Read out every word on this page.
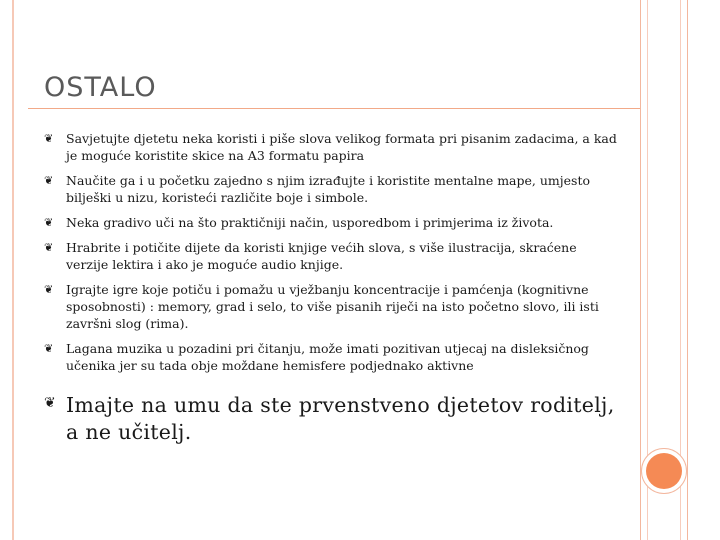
OSTALO
❦ Savjetujte djetetu neka koristi i piše slova velikog formata pri pisanim zadacima, a kad je moguće koristite skice na A3 formatu papira
❦ Naučite ga i u početku zajedno s njim izrađujte i koristite mentalne mape, umjesto bilješki u nizu, koristeći različite boje i simbole.
❦ Neka gradivo uči na što praktičniji način, usporedbom i primjerima iz života.
❦ Hrabrite i potičite dijete da koristi knjige većih slova, s više ilustracija, skraćene verzije lektira i ako je moguće audio knjige.
❦ Igrajte igre koje potiču i pomažu u vježbanju koncentracije i pamćenja (kognitivne sposobnosti) : memory, grad i selo, to više pisanih riječi na isto početno slovo, ili isti završni slog (rima).
❦ Lagana muzika u pozadini pri čitanju, može imati pozitivan utjecaj na disleksičnog učenika jer su tada obje moždane hemisfere podjednako aktivne
❦ Imajte na umu da ste prvenstveno djetetov roditelj, a ne učitelj.
